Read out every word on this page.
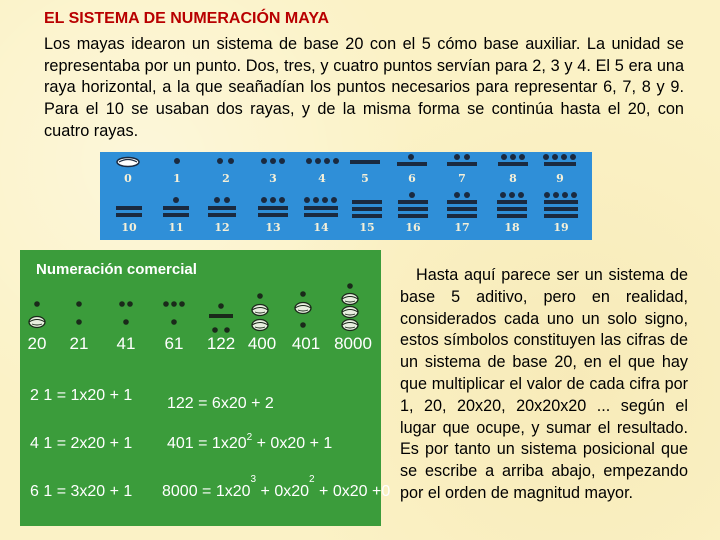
EL SISTEMA DE NUMERACIÓN MAYA
Los mayas idearon un sistema de base 20 con el 5 cómo base auxiliar. La unidad se representaba por un punto. Dos, tres, y cuatro puntos servían para 2, 3 y 4. El 5 era una raya horizontal, a la que seañadían los puntos necesarios para representar 6, 7, 8 y 9. Para el 10 se usaban dos rayas, y de la misma forma se continúa hasta el 20, con cuatro rayas.
0	1	2	3	4	5	6	7	8	9
10	11	12	13	14	15	16	17	18	19
Numeración comercial
20 21 41 61 122 400 401 8000
2 1 = 1x20 + 1
4 1 = 2x20 + 1
6 1 = 3x20 + 1
122 = 6x20 + 2
$401 = 1x20^2 + 0x20 + 1$
$8000 = 1x20^3 + 0x20^2 + 0x20 +0$
Hasta aquí parece ser un sistema de base 5 aditivo, pero en realidad, considerados cada uno un solo signo, estos símbolos constituyen las cifras de un sistema de base 20, en el que hay que multiplicar el valor de cada cifra por 1, 20, 20x20, 20x20x20 ... según el lugar que ocupe, y sumar el resultado. Es por tanto un sistema posicional que se escribe a arriba abajo, empezando por el orden de magnitud mayor.
